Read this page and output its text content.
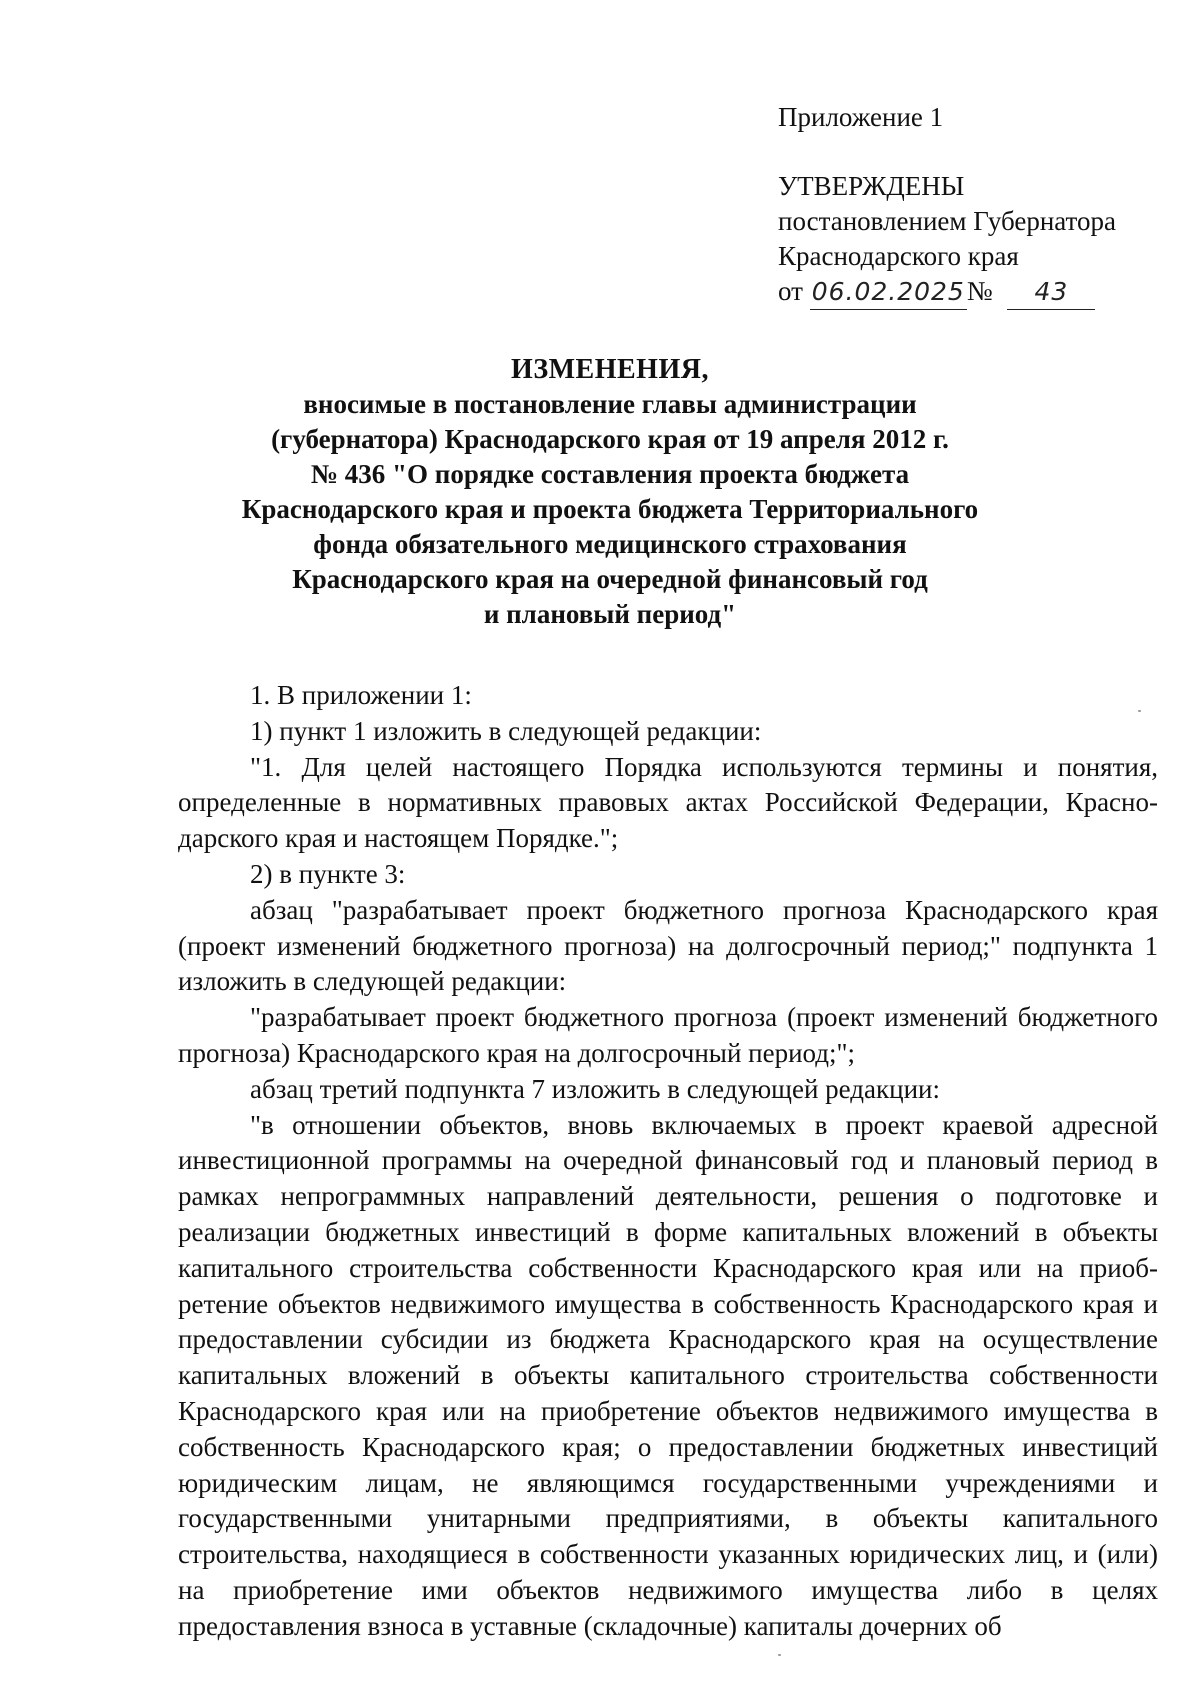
Приложение 1
УТВЕРЖДЕНЫ
постановлением Губернатора
Краснодарского края
от 06.02.2025№ 43
ИЗМЕНЕНИЯ,
вносимые в постановление главы администрации
(губернатора) Краснодарского края от 19 апреля 2012 г.
№ 436 "О порядке составления проекта бюджета
Краснодарского края и проекта бюджета Территориального
фонда обязательного медицинского страхования
Краснодарского края на очередной финансовый год
и плановый период"

1. В приложении 1:

1) пункт 1 изложить в следующей редакции:

"1. Для целей настоящего Порядка используются термины и понятия, определенные в нормативных правовых актах Российской Федерации, Краснодарского края и настоящем Порядке.";

2) в пункте 3:

абзац "разрабатывает проект бюджетного прогноза Краснодарского края (проект изменений бюджетного прогноза) на долгосрочный период;" подпункта 1 изложить в следующей редакции:

"разрабатывает проект бюджетного прогноза (проект изменений бюджетного прогноза) Краснодарского края на долгосрочный период;";

абзац третий подпункта 7 изложить в следующей редакции:

"в отношении объектов, вновь включаемых в проект краевой адресной инвестиционной программы на очередной финансовый год и плановый период в рамках непрограммных направлений деятельности, решения о подготовке и реализации бюджетных инвестиций в форме капитальных вложений в объекты капитального строительства собственности Краснодарского края или на приобретение объектов недвижимого имущества в собственность Краснодарского края и предоставлении субсидии из бюджета Краснодарского края на осуществление капитальных вложений в объекты капитального строительства собственности Краснодарского края или на приобретение объектов недвижимого имущества в собственность Краснодарского края; о предоставлении бюджетных инвестиций юридическим лицам, не являющимся государственными учреждениями и государственными унитарными предприятиями, в объекты капитального строительства, находящиеся в собственности указанных юридических лиц, и (или) на приобретение ими объектов недвижимого имущества либо в целях предоставления взноса в уставные (складочные) капиталы дочерних об
